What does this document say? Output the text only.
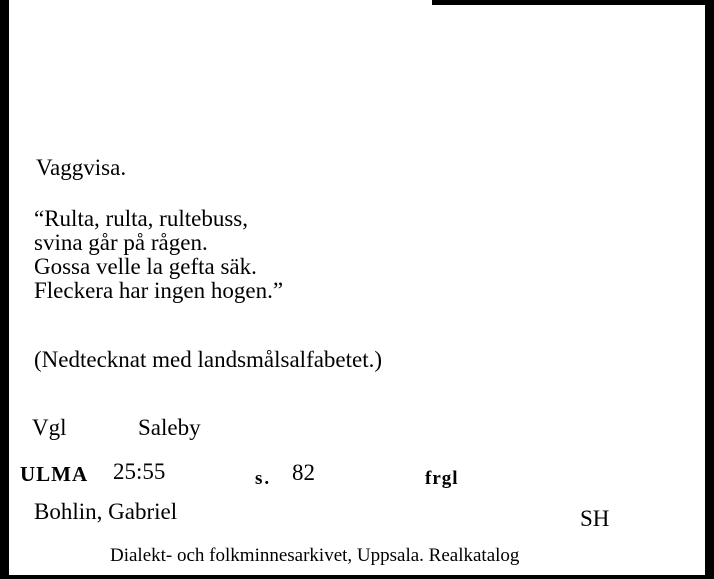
Vaggvisa.
“Rulta, rulta, rultebuss,
svina går på rågen.
Gossa velle la gefta säk.
Fleckera har ingen hogen.”
(Nedtecknat med landsmålsalfabetet.)
Vgl	Saleby
ULMA 25:55	s. 82	frgl
Bohlin, Gabriel	SH
Dialekt- och folkminnesarkivet, Uppsala. Realkatalog
